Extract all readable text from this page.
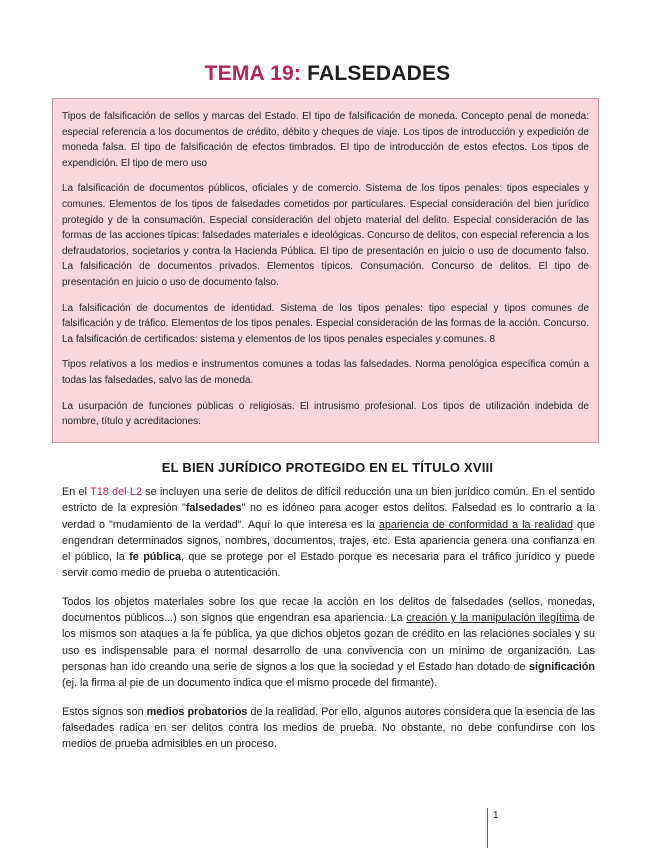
TEMA 19: FALSEDADES

Tipos de falsificación de sellos y marcas del Estado. El tipo de falsificación de moneda. Concepto penal de moneda: especial referencia a los documentos de crédito, débito y cheques de viaje. Los tipos de introducción y expedición de moneda falsa. El tipo de falsificación de efectos timbrados. El tipo de introducción de estos efectos. Los tipos de expendición. El tipo de mero uso

La falsificación de documentos públicos, oficiales y de comercio. Sistema de los tipos penales: tipos especiales y comunes. Elementos de los tipos de falsedades cometidos por particulares. Especial consideración del bien jurídico protegido y de la consumación. Especial consideración del objeto material del delito. Especial consideración de las formas de las acciones típicas: falsedades materiales e ideológicas. Concurso de delitos, con especial referencia a los defraudatorios, societarios y contra la Hacienda Pública. El tipo de presentación en juicio o uso de documento falso. La falsificación de documentos privados. Elementos típicos. Consumación. Concurso de delitos. El tipo de presentación en juicio o uso de documento falso.

La falsificación de documentos de identidad. Sistema de los tipos penales: tipo especial y tipos comunes de falsificación y de tráfico. Elementos de los tipos penales. Especial consideración de las formas de la acción. Concurso. La falsificación de certificados: sistema y elementos de los tipos penales especiales y comunes. 8

Tipos relativos a los medios e instrumentos comunes a todas las falsedades. Norma penológica específica común a todas las falsedades, salvo las de moneda.

La usurpación de funciones públicas o religiosas. El intrusismo profesional. Los tipos de utilización indebida de nombre, título y acreditaciones.

EL BIEN JURÍDICO PROTEGIDO EN EL TÍTULO XVIII

En el T18 del L2 se incluyen una serie de delitos de difícil reducción una un bien jurídico común. En el sentido estricto de la expresión "falsedades" no es idóneo para acoger estos delitos. Falsedad es lo contrario a la verdad o "mudamiento de la verdad". Aquí lo que interesa es la apariencia de conformidad a la realidad que engendran determinados signos, nombres, documentos, trajes, etc. Esta apariencia genera una confianza en el público, la fe pública, que se protege por el Estado porque es necesaria para el tráfico jurídico y puede servir como medio de prueba o autenticación.

Todos los objetos materiales sobre los que recae la acción en los delitos de falsedades (sellos, monedas, documentos públicos...) son signos que engendran esa apariencia. La creación y la manipulación ilegítima de los mismos son ataques a la fe pública, ya que dichos objetos gozan de crédito en las relaciones sociales y su uso es indispensable para el normal desarrollo de una convivencia con un mínimo de organización. Las personas han ido creando una serie de signos a los que la sociedad y el Estado han dotado de significación (ej. la firma al pie de un documento indica que el mismo procede del firmante).

Estos signos son medios probatorios de la realidad. Por ello, algunos autores considera que la esencia de las falsedades radica en ser delitos contra los medios de prueba. No obstante, no debe confundirse con los medios de prueba admisibles en un proceso.

1
